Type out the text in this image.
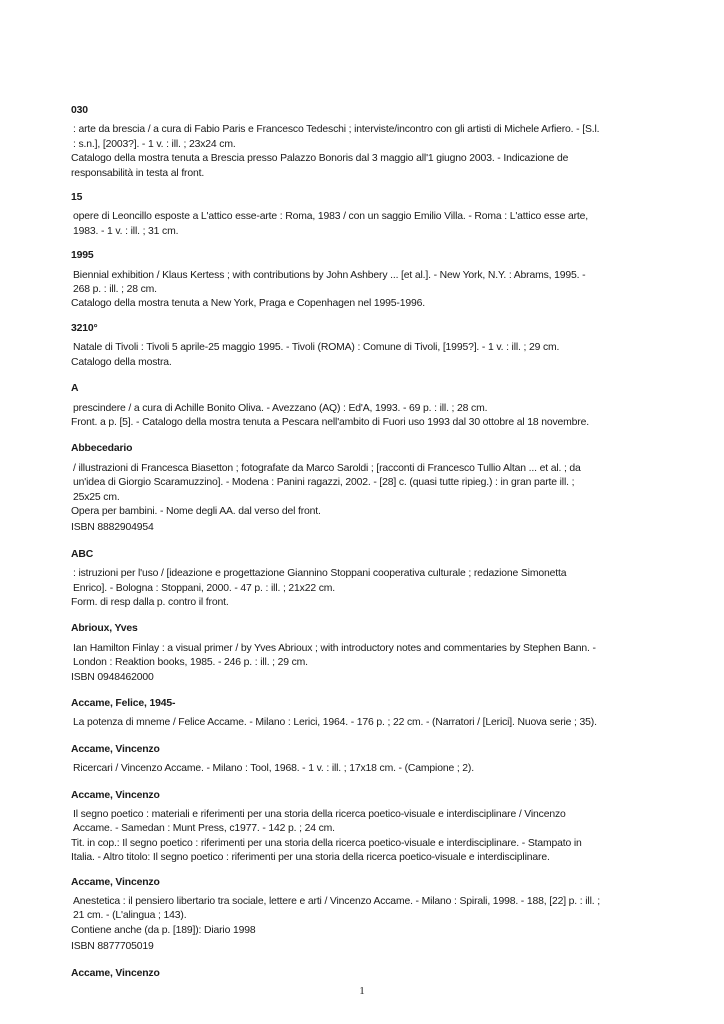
030
: arte da brescia / a cura di Fabio Paris e Francesco Tedeschi ; interviste/incontro con gli artisti di Michele Arfiero. - [S.l. : s.n.], [2003?]. - 1 v. : ill. ; 23x24 cm.
Catalogo della mostra tenuta a Brescia presso Palazzo Bonoris dal 3 maggio all'1 giugno 2003. - Indicazione de responsabilità in testa al front.
15
opere di Leoncillo esposte a L'attico esse-arte : Roma, 1983 / con un saggio Emilio Villa. - Roma : L'attico esse arte, 1983. - 1 v. : ill. ; 31 cm.
1995
Biennial exhibition / Klaus Kertess ; with contributions by John Ashbery ... [et al.]. - New York, N.Y. : Abrams, 1995. - 268 p. : ill. ; 28 cm.
Catalogo della mostra tenuta a New York, Praga e Copenhagen nel 1995-1996.
3210°
Natale di Tivoli : Tivoli 5 aprile-25 maggio 1995. - Tivoli (ROMA) : Comune di Tivoli, [1995?]. - 1 v. : ill. ; 29 cm.
Catalogo della mostra.
A
prescindere / a cura di Achille Bonito Oliva. - Avezzano (AQ) : Ed'A, 1993. - 69 p. : ill. ; 28 cm.
Front. a p. [5]. - Catalogo della mostra tenuta a Pescara nell'ambito di Fuori uso 1993 dal 30 ottobre al 18 novembre.
Abbecedario
/ illustrazioni di Francesca Biasetton ; fotografate da Marco Saroldi ; [racconti di Francesco Tullio Altan ... et al. ; da un'idea di Giorgio Scaramuzzino]. - Modena : Panini ragazzi, 2002. - [28] c. (quasi tutte ripieg.) : in gran parte ill. ; 25x25 cm.
Opera per bambini. - Nome degli AA. dal verso del front.
ISBN 8882904954
ABC
: istruzioni per l'uso / [ideazione e progettazione Giannino Stoppani cooperativa culturale ; redazione Simonetta Enrico]. - Bologna : Stoppani, 2000. - 47 p. : ill. ; 21x22 cm.
Form. di resp dalla p. contro il front.
Abrioux, Yves
Ian Hamilton Finlay : a visual primer / by Yves Abrioux ; with introductory notes and commentaries by Stephen Bann. - London : Reaktion books, 1985. - 246 p. : ill. ; 29 cm.
ISBN 0948462000
Accame, Felice, 1945-
La potenza di mneme / Felice Accame. - Milano : Lerici, 1964. - 176 p. ; 22 cm. - (Narratori / [Lerici]. Nuova serie ; 35).
Accame, Vincenzo
Ricercari / Vincenzo Accame. - Milano : Tool, 1968. - 1 v. : ill. ; 17x18 cm. - (Campione ; 2).
Accame, Vincenzo
Il segno poetico : materiali e riferimenti per una storia della ricerca poetico-visuale e interdisciplinare / Vincenzo Accame. - Samedan : Munt Press, c1977. - 142 p. ; 24 cm.
Tit. in cop.: Il segno poetico : riferimenti per una storia della ricerca poetico-visuale e interdisciplinare. - Stampato in Italia. - Altro titolo: Il segno poetico : riferimenti per una storia della ricerca poetico-visuale e interdisciplinare.
Accame, Vincenzo
Anestetica : il pensiero libertario tra sociale, lettere e arti / Vincenzo Accame. - Milano : Spirali, 1998. - 188, [22] p. : ill. ; 21 cm. - (L'alingua ; 143).
Contiene anche (da p. [189]): Diario 1998
ISBN 8877705019
Accame, Vincenzo
1
